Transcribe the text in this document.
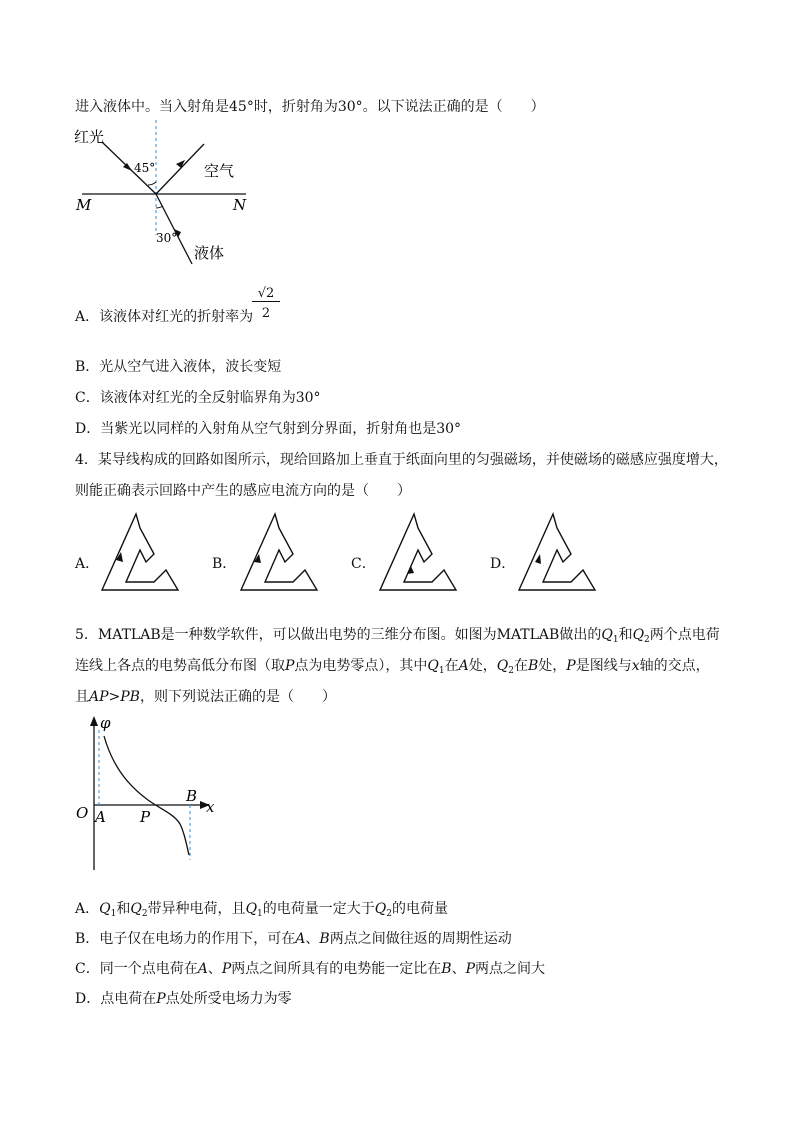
进入液体中。当入射角是45°时，折射角为30°。以下说法正确的是（　　）
红光
空气
液体
M	N
45°
30°
A．该液体对红光的折射率为
√2
2
B．光从空气进入液体，波长变短
C．该液体对红光的全反射临界角为30°
D．当紫光以同样的入射角从空气射到分界面，折射角也是30°
4．某导线构成的回路如图所示，现给回路加上垂直于纸面向里的匀强磁场，并使磁场的磁感应强度增大，
则能正确表示回路中产生的感应电流方向的是（　　）
A．	B．	C．	D．
5．MATLAB是一种数学软件，可以做出电势的三维分布图。如图为MATLAB做出的$Q_1$和$Q_2$两个点电荷
连线上各点的电势高低分布图（取P点为电势零点），其中$Q_1$在A处，$Q_2$在B处，P是图线与x轴的交点，
且AP>PB，则下列说法正确的是（　　）
φ
O A P
B
x
A．$Q_1$和$Q_2$带异种电荷，且$Q_1$的电荷量一定大于$Q_2$的电荷量
B．电子仅在电场力的作用下，可在A、B两点之间做往返的周期性运动
C．同一个点电荷在A、P两点之间所具有的电势能一定比在B、P两点之间大
D．点电荷在P点处所受电场力为零
